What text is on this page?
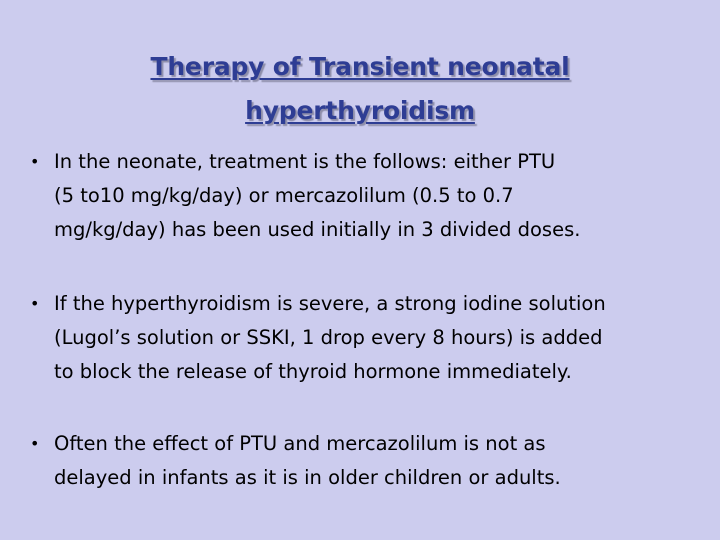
Therapy of Transient neonatal
hyperthyroidism
• In the neonate, treatment is the follows: either PTU
(5 to10 mg/kg/day) or mercazolilum (0.5 to 0.7
mg/kg/day) has been used initially in 3 divided doses.
• If the hyperthyroidism is severe, a strong iodine solution
(Lugol’s solution or SSKI, 1 drop every 8 hours) is added
to block the release of thyroid hormone immediately.
• Often the effect of PTU and mercazolilum is not as
delayed in infants as it is in older children or adults.
